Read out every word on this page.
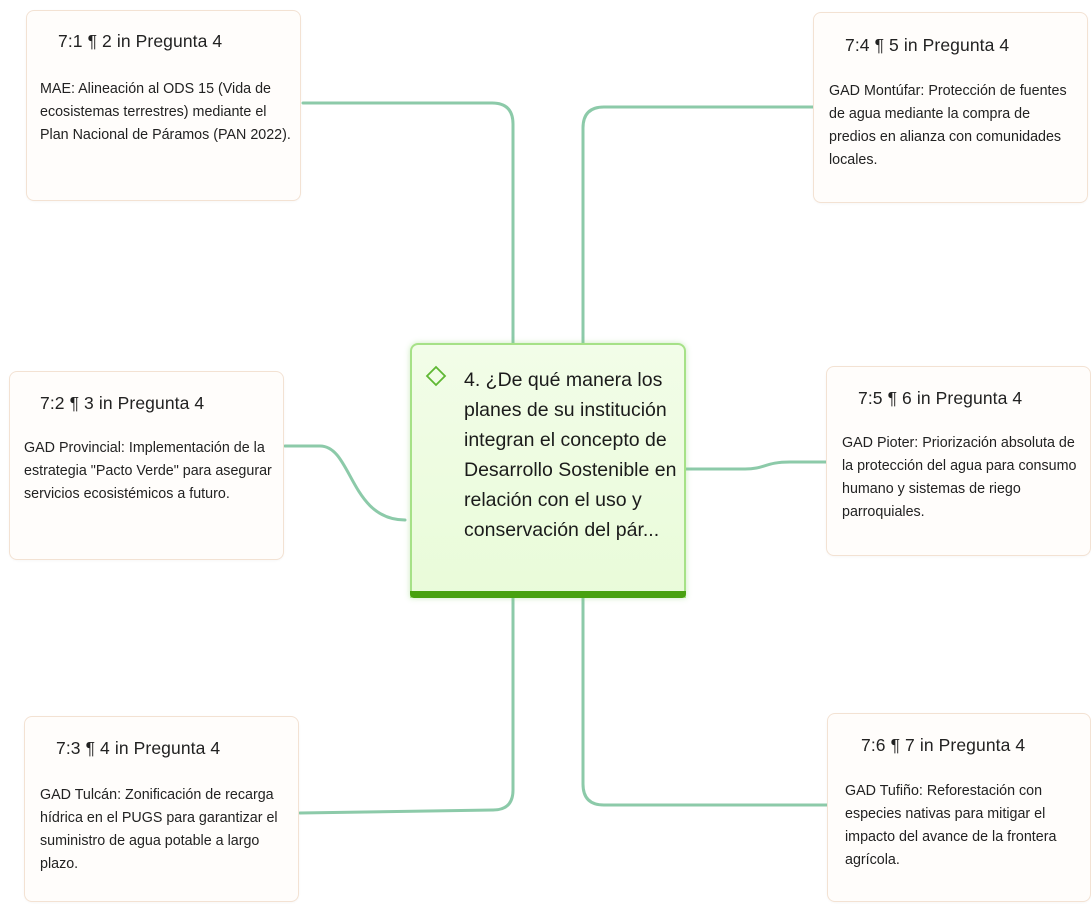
7:1 ¶ 2 in Pregunta 4
MAE: Alineación al ODS 15 (Vida de ecosistemas terrestres) mediante el Plan Nacional de Páramos (PAN 2022).
7:4 ¶ 5 in Pregunta 4
GAD Montúfar: Protección de fuentes de agua mediante la compra de predios en alianza con comunidades locales.
7:2 ¶ 3 in Pregunta 4
GAD Provincial: Implementación de la estrategia "Pacto Verde" para asegurar servicios ecosistémicos a futuro.
7:5 ¶ 6 in Pregunta 4
GAD Pioter: Priorización absoluta de la protección del agua para consumo humano y sistemas de riego parroquiales.
7:3 ¶ 4 in Pregunta 4
GAD Tulcán: Zonificación de recarga hídrica en el PUGS para garantizar el suministro de agua potable a largo plazo.
7:6 ¶ 7 in Pregunta 4
GAD Tufiño: Reforestación con especies nativas para mitigar el impacto del avance de la frontera agrícola.
4. ¿De qué manera los planes de su institución integran el concepto de Desarrollo Sostenible en relación con el uso y conservación del pár...
